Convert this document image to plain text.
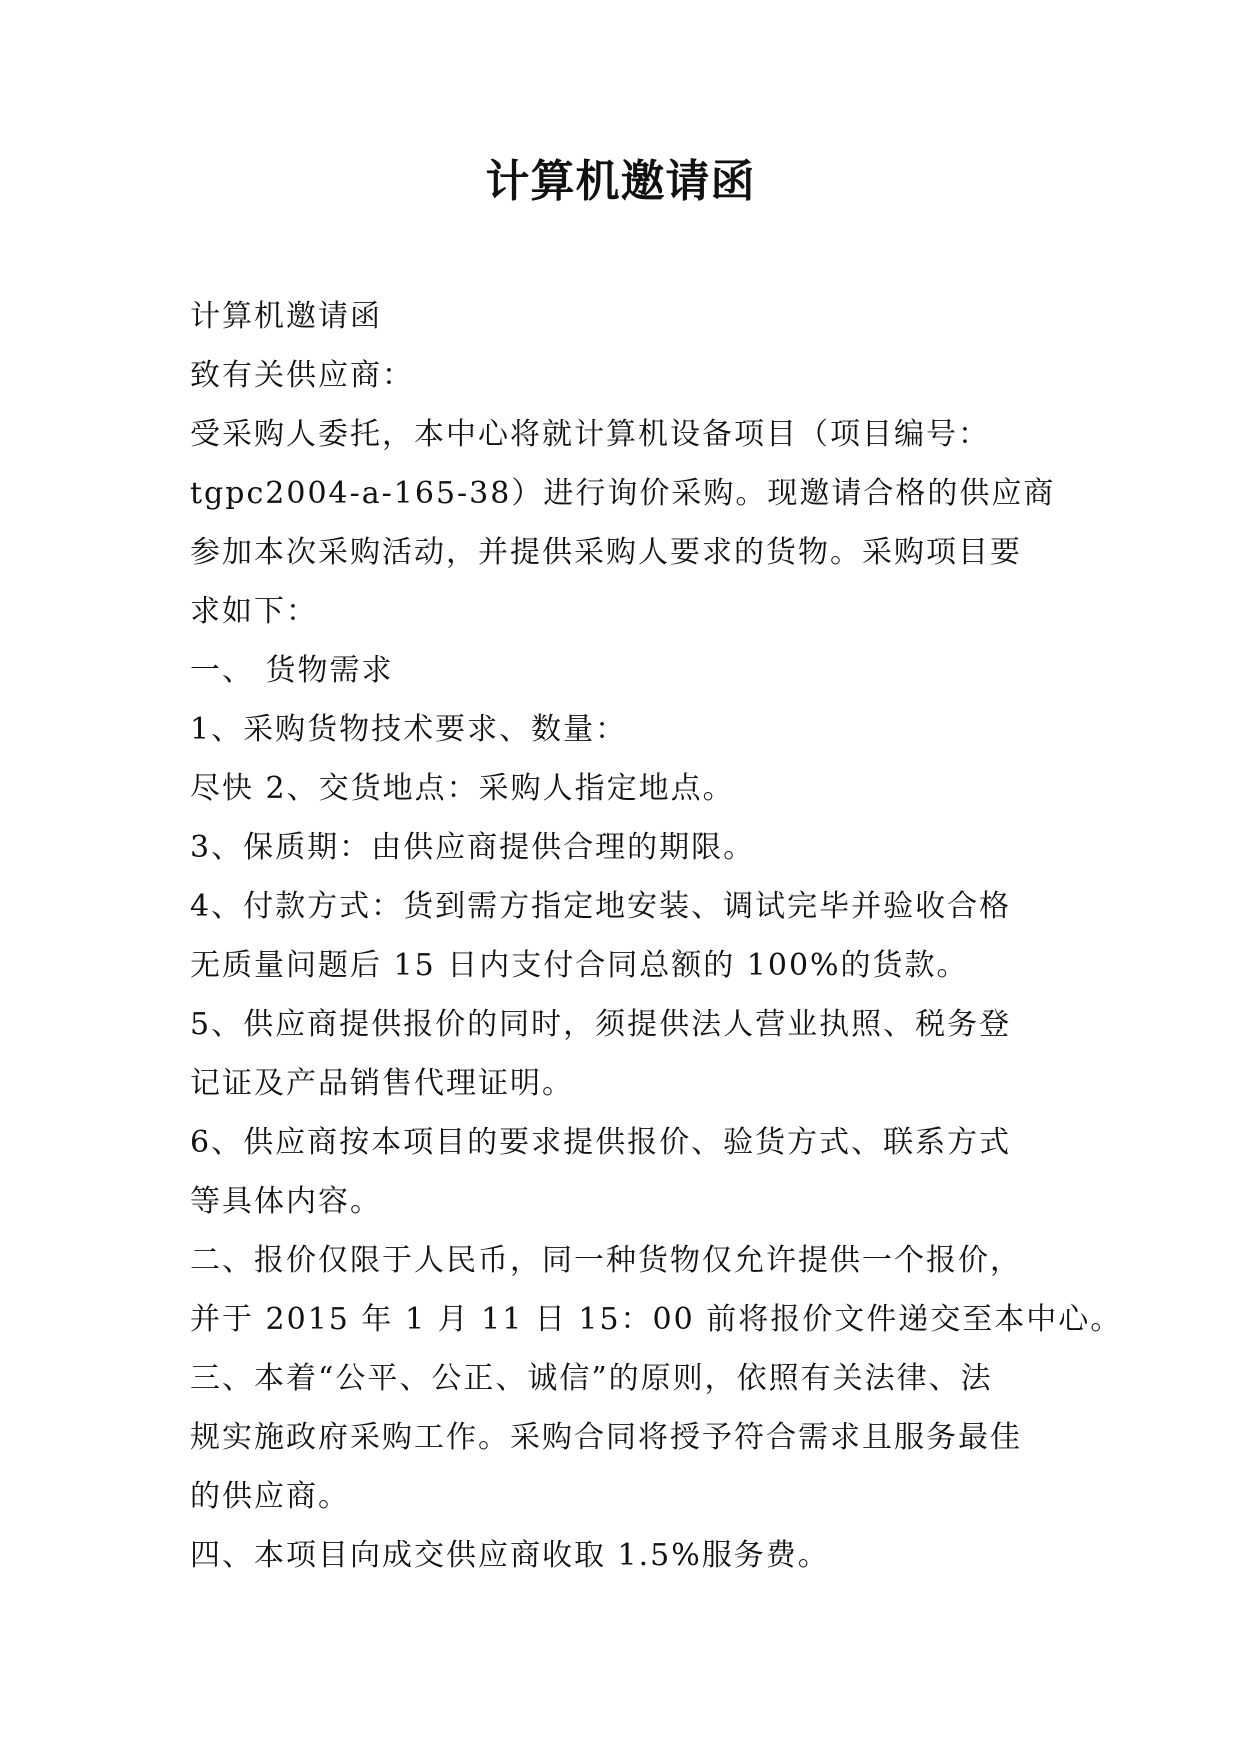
计算机邀请函
计算机邀请函
致有关供应商：
受采购人委托，本中心将就计算机设备项目（项目编号：
tgpc2004-a-165-38）进行询价采购。现邀请合格的供应商
参加本次采购活动，并提供采购人要求的货物。采购项目要
求如下：
一、 货物需求
1、采购货物技术要求、数量：
尽快 2、交货地点：采购人指定地点。
3、保质期：由供应商提供合理的期限。
4、付款方式：货到需方指定地安装、调试完毕并验收合格
无质量问题后 15 日内支付合同总额的 100%的货款。
5、供应商提供报价的同时，须提供法人营业执照、税务登
记证及产品销售代理证明。
6、供应商按本项目的要求提供报价、验货方式、联系方式
等具体内容。
二、报价仅限于人民币，同一种货物仅允许提供一个报价，
并于 2015 年 1 月 11 日 15：00 前将报价文件递交至本中心。
三、本着“公平、公正、诚信”的原则，依照有关法律、法
规实施政府采购工作。采购合同将授予符合需求且服务最佳
的供应商。
四、本项目向成交供应商收取 1.5%服务费。
